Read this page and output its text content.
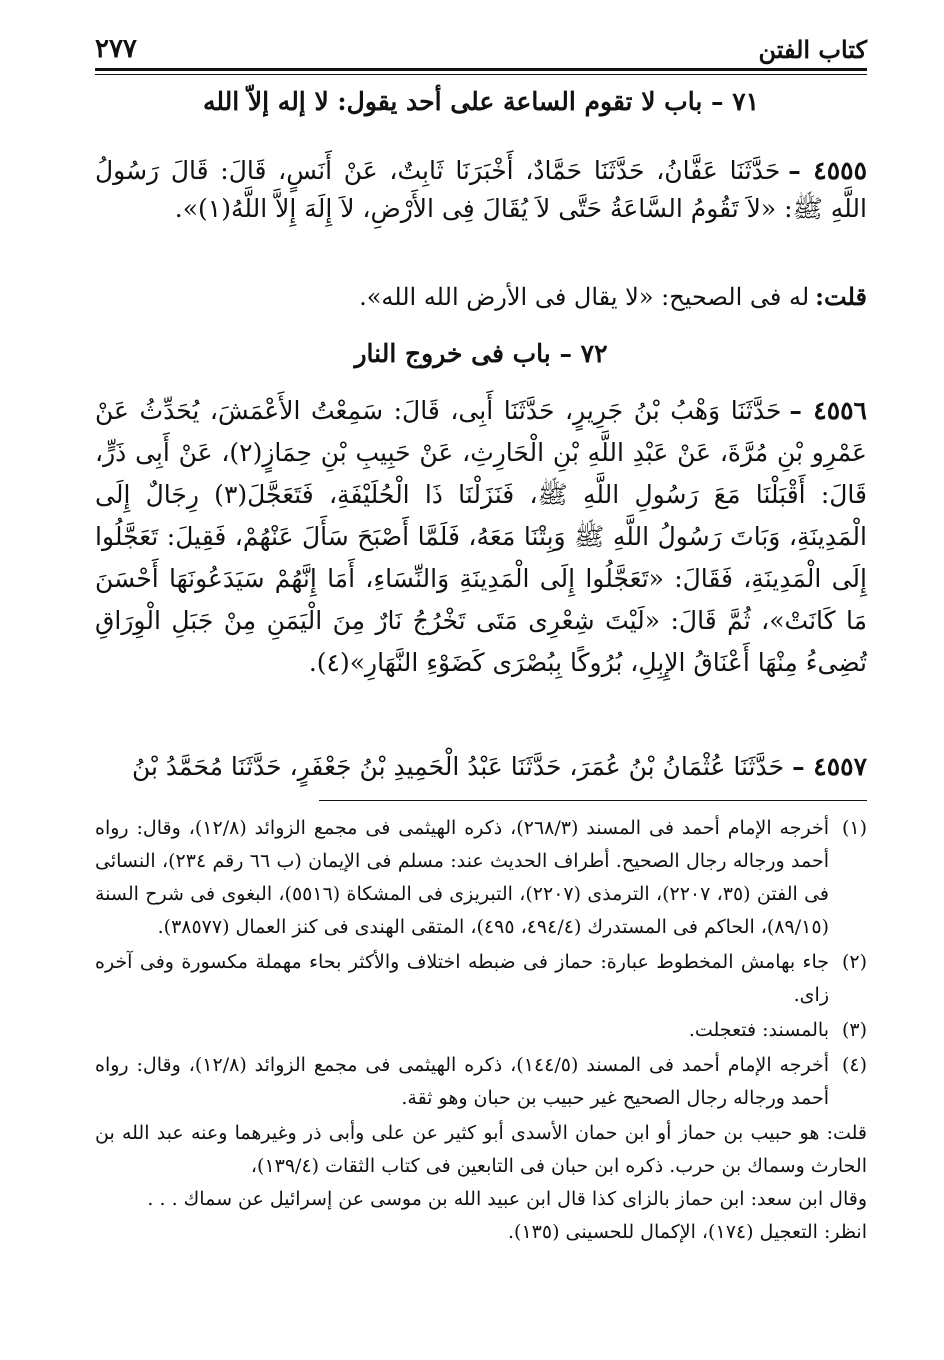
كتاب الفتن
٢٧٧
٧١ – باب لا تقوم الساعة على أحد يقول: لا إله إلاّ الله
٤٥٥٥ –حَدَّثَنَا عَفَّانُ، حَدَّثَنَا حَمَّادٌ، أَخْبَرَنَا ثَابِتٌ، عَنْ أَنَسٍ، قَالَ: قَالَ رَسُولُ اللَّهِ ﷺ: «لاَ تَقُومُ السَّاعَةُ حَتَّى لاَ يُقَالَ فِى الأَرْضِ، لاَ إِلَهَ إِلاَّ اللَّهُ(١)».
قلت:له فى الصحيح: «لا يقال فى الأرض الله الله».
٧٢ – باب فى خروج النار
٤٥٥٦ –حَدَّثَنَا وَهْبُ بْنُ جَرِيرٍ، حَدَّثَنَا أَبِى، قَالَ: سَمِعْتُ الأَعْمَشَ، يُحَدِّثُ عَنْ عَمْرِو بْنِ مُرَّةَ، عَنْ عَبْدِ اللَّهِ بْنِ الْحَارِثِ، عَنْ حَبِيبِ بْنِ حِمَازٍ(٢)، عَنْ أَبِى ذَرٍّ، قَالَ: أَقْبَلْنَا مَعَ رَسُولِ اللَّهِ ﷺ، فَنَزَلْنَا ذَا الْحُلَيْفَةِ، فَتَعَجَّلَ(٣) رِجَالٌ إِلَى الْمَدِينَةِ، وَبَاتَ رَسُولُ اللَّهِ ﷺ وَبِتْنَا مَعَهُ، فَلَمَّا أَصْبَحَ سَأَلَ عَنْهُمْ، فَقِيلَ: تَعَجَّلُوا إِلَى الْمَدِينَةِ، فَقَالَ: «تَعَجَّلُوا إِلَى الْمَدِينَةِ وَالنِّسَاءِ، أَمَا إِنَّهُمْ سَيَدَعُونَهَا أَحْسَنَ مَا كَانَتْ»، ثُمَّ قَالَ: «لَيْتَ شِعْرِى مَتَى تَخْرُجُ نَارٌ مِنَ الْيَمَنِ مِنْ جَبَلِ الْوِرَاقِ تُضِىءُ مِنْهَا أَعْنَاقُ الإِبِلِ، بُرُوكًا بِبُصْرَى كَضَوْءِ النَّهَارِ»(٤).
٤٥٥٧ –حَدَّثَنَا عُثْمَانُ بْنُ عُمَرَ، حَدَّثَنَا عَبْدُ الْحَمِيدِ بْنُ جَعْفَرٍ، حَدَّثَنَا مُحَمَّدُ بْنُ
(١)
أخرجه الإمام أحمد فى المسند (٢٦٨/٣)، ذكره الهيثمى فى مجمع الزوائد (١٢/٨)، وقال: رواه أحمد ورجاله رجال الصحيح. أطراف الحديث عند: مسلم فى الإيمان (ب ٦٦ رقم ٢٣٤)، النسائى فى الفتن (٣٥، ٢٢٠٧)، الترمذى (٢٢٠٧)، التبريزى فى المشكاة (٥٥١٦)، البغوى فى شرح السنة (٨٩/١٥)، الحاكم فى المستدرك (٤٩٤/٤، ٤٩٥)، المتقى الهندى فى كنز العمال (٣٨٥٧٧).
(٢)
جاء بهامش المخطوط عبارة: حماز فى ضبطه اختلاف والأكثر بحاء مهملة مكسورة وفى آخره زاى.
(٣)
بالمسند: فتعجلت.
(٤)
أخرجه الإمام أحمد فى المسند (١٤٤/٥)، ذكره الهيثمى فى مجمع الزوائد (١٢/٨)، وقال: رواه أحمد ورجاله رجال الصحيح غير حبيب بن حبان وهو ثقة.

قلت: هو حبيب بن حماز أو ابن حمان الأسدى أبو كثير عن على وأبى ذر وغيرهما وعنه عبد الله بن الحارث وسماك بن حرب. ذكره ابن حبان فى التابعين فى كتاب الثقات (١٣٩/٤)،

وقال ابن سعد: ابن حماز بالزاى كذا قال ابن عبيد الله بن موسى عن إسرائيل عن سماك . . .

انظر: التعجيل (١٧٤)، الإكمال للحسينى (١٣٥).
